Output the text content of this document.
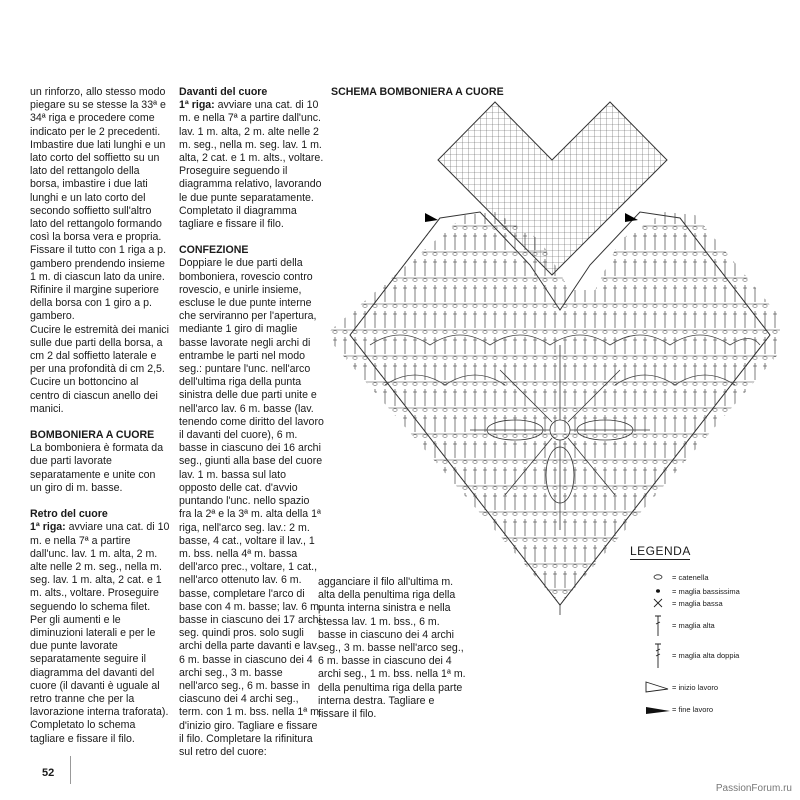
un rinforzo, allo stesso modo piegare su se stesse la 33ª e 34ª riga e procedere come indicato per le 2 precedenti. Imbastire due lati lunghi e un lato corto del soffietto su un lato del rettangolo della borsa, imbastire i due lati lunghi e un lato corto del secondo soffietto sull'altro lato del rettangolo formando così la borsa vera e propria.

Fissare il tutto con 1 riga a p. gambero prendendo insieme 1 m. di ciascun lato da unire. Rifinire il margine superiore della borsa con 1 giro a p. gambero.

Cucire le estremità dei manici sulle due parti della borsa, a cm 2 dal soffietto laterale e per una profondità di cm 2,5.

Cucire un bottoncino al centro di ciascun anello dei manici.

BOMBONIERA A CUORE

La bomboniera è formata da due parti lavorate separatamente e unite con un giro di m. basse.

Retro del cuore

1ª riga: avviare una cat. di 10 m. e nella 7ª a partire dall'unc. lav. 1 m. alta, 2 m. alte nelle 2 m. seg., nella m. seg. lav. 1 m. alta, 2 cat. e 1 m. alts., voltare. Proseguire seguendo lo schema filet.

Per gli aumenti e le diminuzioni laterali e per le due punte lavorate separatamente seguire il diagramma del davanti del cuore (il davanti è uguale al retro tranne che per la lavorazione interna traforata). Completato lo schema tagliare e fissare il filo.

Davanti del cuore

1ª riga: avviare una cat. di 10 m. e nella 7ª a partire dall'unc. lav. 1 m. alta, 2 m. alte nelle 2 m. seg., nella m. seg. lav. 1 m. alta, 2 cat. e 1 m. alts., voltare. Proseguire seguendo il diagramma relativo, lavorando le due punte separatamente. Completato il diagramma tagliare e fissare il filo.

CONFEZIONE

Doppiare le due parti della bomboniera, rovescio contro rovescio, e unirle insieme, escluse le due punte interne che serviranno per l'apertura, mediante 1 giro di maglie basse lavorate negli archi di entrambe le parti nel modo seg.: puntare l'unc. nell'arco dell'ultima riga della punta sinistra delle due parti unite e nell'arco lav. 6 m. basse (lav. tenendo come diritto del lavoro il davanti del cuore), 6 m. basse in ciascuno dei 16 archi seg., giunti alla base del cuore lav. 1 m. bassa sul lato opposto delle cat. d'avvio puntando l'unc. nello spazio fra la 2ª e la 3ª m. alta della 1ª riga, nell'arco seg. lav.: 2 m. basse, 4 cat., voltare il lav., 1 m. bss. nella 4ª m. bassa dell'arco prec., voltare, 1 cat., nell'arco ottenuto lav. 6 m. basse, completare l'arco di base con 4 m. basse; lav. 6 m. basse in ciascuno dei 17 archi seg. quindi pros. solo sugli archi della parte davanti e lav. 6 m. basse in ciascuno dei 4 archi seg., 3 m. basse nell'arco seg., 6 m. basse in ciascuno dei 4 archi seg., term. con 1 m. bss. nella 1ª m. d'inizio giro. Tagliare e fissare il filo. Completare la rifinitura sul retro del cuore:

agganciare il filo all'ultima m. alta della penultima riga della punta interna sinistra e nella stessa lav. 1 m. bss., 6 m. basse in ciascuno dei 4 archi seg., 3 m. basse nell'arco seg., 6 m. basse in ciascuno dei 4 archi seg., 1 m. bss. nella 1ª m. della penultima riga della parte interna destra. Tagliare e fissare il filo.

SCHEMA BOMBONIERA A CUORE
LEGENDA
= catenella
= maglia bassissima
= maglia bassa
= maglia alta
= maglia alta doppia
= inizio lavoro
= fine lavoro
52
PassionForum.ru
